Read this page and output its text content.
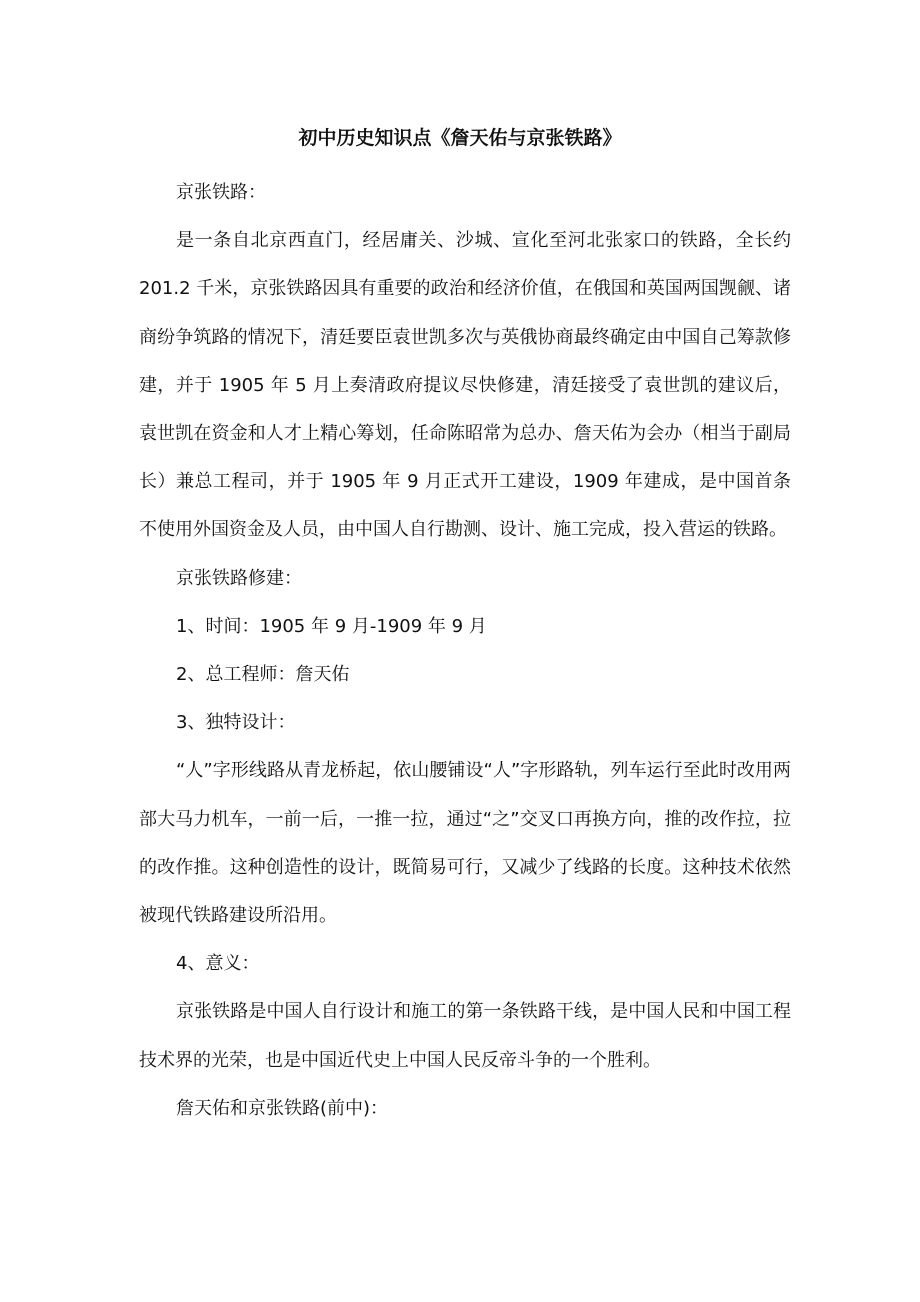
初中历史知识点《詹天佑与京张铁路》

京张铁路：

是一条自北京西直门，经居庸关、沙城、宣化至河北张家口的铁路，全长约 201.2 千米，京张铁路因具有重要的政治和经济价值，在俄国和英国两国觊觎、诸商纷争筑路的情况下，清廷要臣袁世凯多次与英俄协商最终确定由中国自己筹款修建，并于 1905 年 5 月上奏清政府提议尽快修建，清廷接受了袁世凯的建议后，袁世凯在资金和人才上精心筹划，任命陈昭常为总办、詹天佑为会办（相当于副局长）兼总工程司，并于 1905 年 9 月正式开工建设，1909 年建成，是中国首条不使用外国资金及人员，由中国人自行勘测、设计、施工完成，投入营运的铁路。

京张铁路修建：

1、时间：1905 年 9 月-1909 年 9 月

2、总工程师：詹天佑

3、独特设计：

“人”字形线路从青龙桥起，依山腰铺设“人”字形路轨，列车运行至此时改用两部大马力机车，一前一后，一推一拉，通过“之”交叉口再换方向，推的改作拉，拉的改作推。这种创造性的设计，既简易可行，又减少了线路的长度。这种技术依然被现代铁路建设所沿用。

4、意义：

京张铁路是中国人自行设计和施工的第一条铁路干线，是中国人民和中国工程技术界的光荣，也是中国近代史上中国人民反帝斗争的一个胜利。

詹天佑和京张铁路(前中)：
